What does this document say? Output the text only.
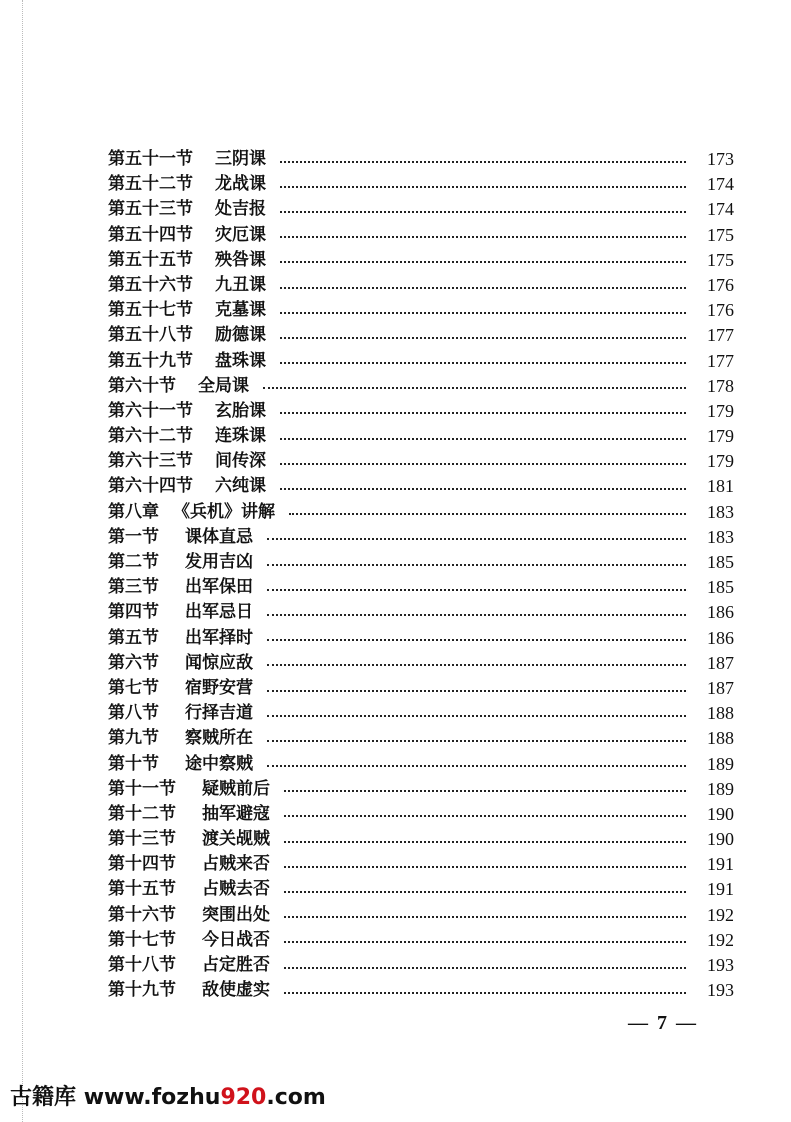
第五十一节 三阴课	173
第五十二节 龙战课	174
第五十三节 处吉报	174
第五十四节 灾厄课	175
第五十五节 殃咎课	175
第五十六节 九丑课	176
第五十七节 克墓课	176
第五十八节 励德课	177
第五十九节 盘珠课	177
第六十节 全局课	178
第六十一节 玄胎课	179
第六十二节 连珠课	179
第六十三节 间传深	179
第六十四节 六纯课	181
第八章 《兵机》讲解	183
第一节 课体直忌	183
第二节 发用吉凶	185
第三节 出军保田	185
第四节 出军忌日	186
第五节 出军择时	186
第六节 闻惊应敌	187
第七节 宿野安营	187
第八节 行择吉道	188
第九节 察贼所在	188
第十节 途中察贼	189
第十一节 疑贼前后	189
第十二节 抽军避寇	190
第十三节 渡关觇贼	190
第十四节 占贼来否	191
第十五节 占贼去否	191
第十六节 突围出处	192
第十七节 今日战否	192
第十八节 占定胜否	193
第十九节 敌使虚实	193
— 7 —
古籍库 www.fozhu920.com
